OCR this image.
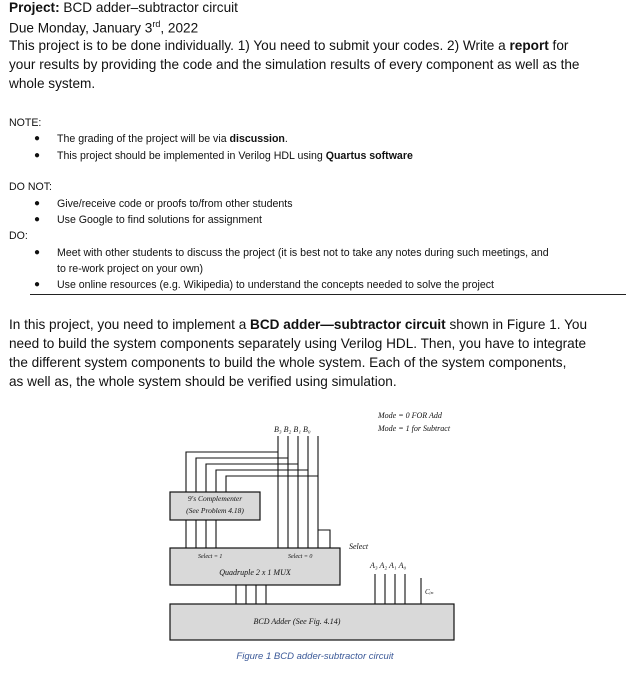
Project: BCD adder–subtractor circuit
Due Monday, January 3rd, 2022
This project is to be done individually. 1) You need to submit your codes. 2) Write a report for
your results by providing the code and the simulation results of every component as well as the
whole system.
NOTE:
● The grading of the project will be via discussion.
● This project should be implemented in Verilog HDL using Quartus software
DO NOT:
● Give/receive code or proofs to/from other students
● Use Google to find solutions for assignment
DO:
● Meet with other students to discuss the project (it is best not to take any notes during such meetings, and
to re-work project on your own)
● Use online resources (e.g. Wikipedia) to understand the concepts needed to solve the project
In this project, you need to implement a BCD adder—subtractor circuit shown in Figure 1. You
need to build the system components separately using Verilog HDL. Then, you have to integrate
the different system components to build the whole system. Each of the system components,
as well as, the whole system should be verified using simulation.
Mode = 0 FOR Add
Mode = 1 for Subtract
B₃ B₂ B₁ B₀
9's Complementer
(See Problem 4.18)
Select = 1	Select = 0
Quadruple 2 x 1 MUX
Select
A₃ A₂ A₁ A₀
Cᵢₙ
BCD Adder (See Fig. 4.14)
Figure 1 BCD adder-subtractor circuit
